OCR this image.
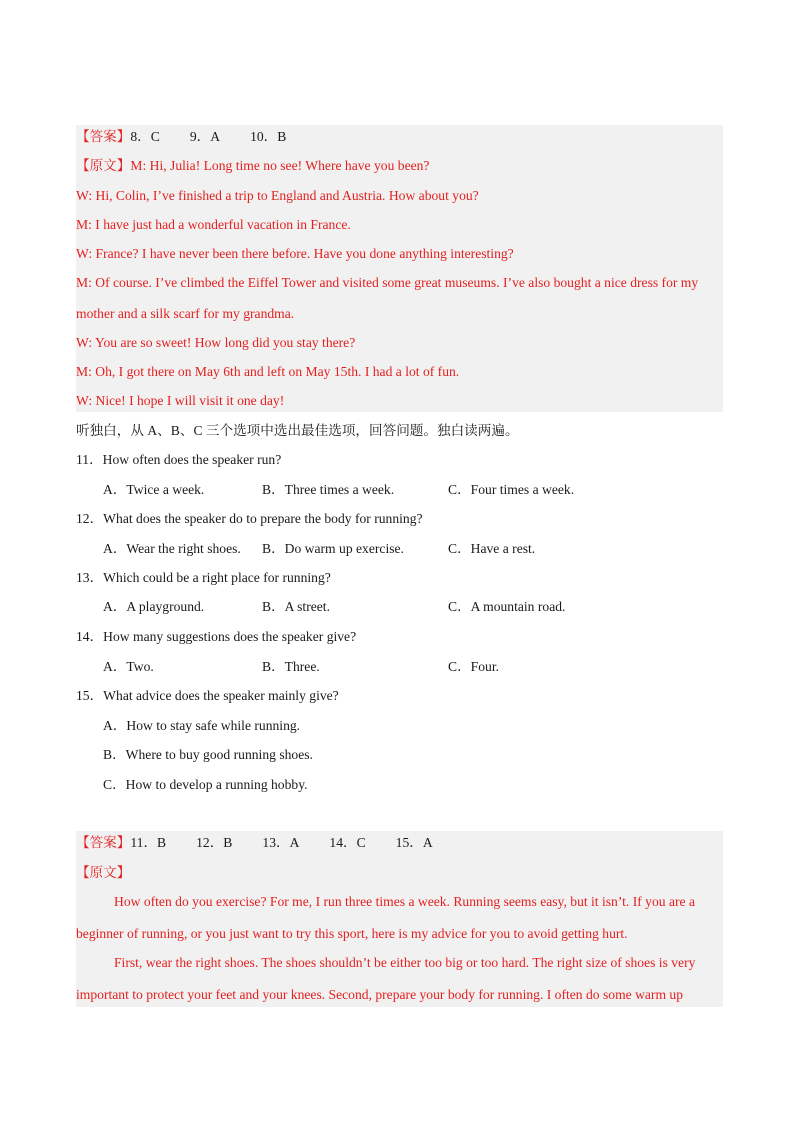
【答案】8．C 9．A 10．B
【原文】M: Hi, Julia! Long time no see! Where have you been?
W: Hi, Colin, I’ve finished a trip to England and Austria. How about you?
M: I have just had a wonderful vacation in France.
W: France? I have never been there before. Have you done anything interesting?
M: Of course. I’ve climbed the Eiffel Tower and visited some great museums. I’ve also bought a nice dress for my
mother and a silk scarf for my grandma.
W: You are so sweet! How long did you stay there?
M: Oh, I got there on May 6th and left on May 15th. I had a lot of fun.
W: Nice! I hope I will visit it one day!
听独白，从 A、B、C 三个选项中选出最佳选项，回答问题。独白读两遍。
11．How often does the speaker run?
A．Twice a week.	B．Three times a week.	C．Four times a week.
12．What does the speaker do to prepare the body for running?
A．Wear the right shoes. B．Do warm up exercise.	C．Have a rest.
13．Which could be a right place for running?
A．A playground.	B．A street.	C．A mountain road.
14．How many suggestions does the speaker give?
A．Two.	B．Three.	C．Four.
15．What advice does the speaker mainly give?
A．How to stay safe while running.
B．Where to buy good running shoes.
C．How to develop a running hobby.
【答案】11．B 12．B 13．A 14．C 15．A
【原文】
How often do you exercise? For me, I run three times a week. Running seems easy, but it isn’t. If you are a
beginner of running, or you just want to try this sport, here is my advice for you to avoid getting hurt.
First, wear the right shoes. The shoes shouldn’t be either too big or too hard. The right size of shoes is very
important to protect your feet and your knees. Second, prepare your body for running. I often do some warm up
